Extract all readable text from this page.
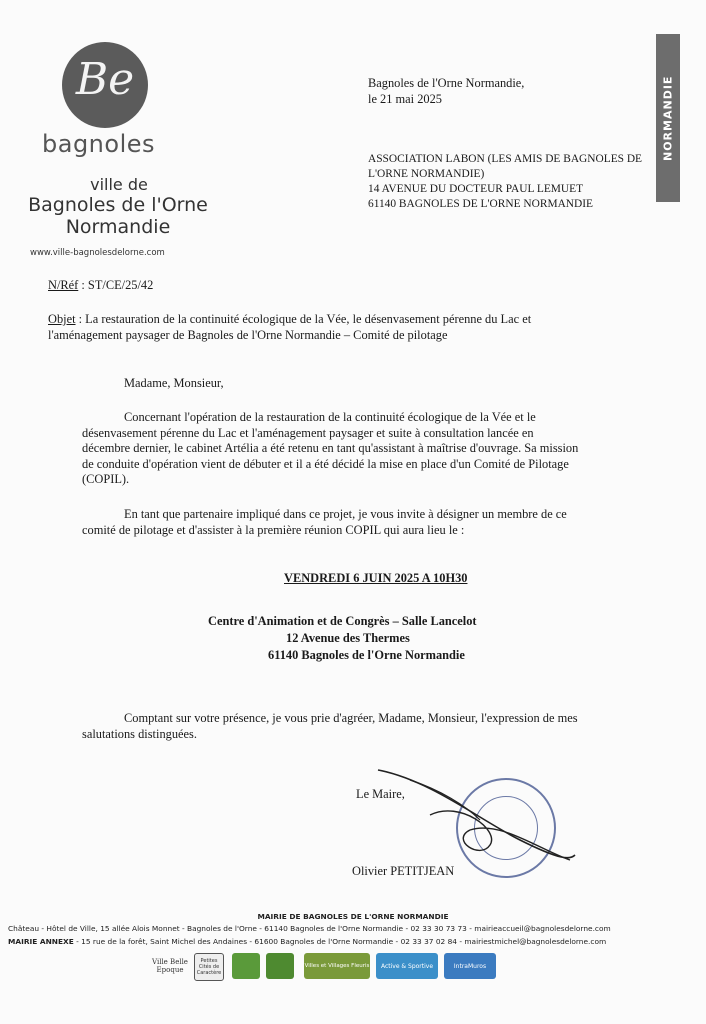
Be
bagnoles
ville de
Bagnoles de l'Orne
Normandie
www.ville-bagnolesdelorne.com
NORMANDIE
Bagnoles de l'Orne Normandie,
le 21 mai 2025
ASSOCIATION LABON (LES AMIS DE BAGNOLES DE
L'ORNE NORMANDIE)
14 AVENUE DU DOCTEUR PAUL LEMUET
61140 BAGNOLES DE L'ORNE NORMANDIE
N/Réf : ST/CE/25/42
Objet : La restauration de la continuité écologique de la Vée, le désenvasement pérenne du Lac et
l'aménagement paysager de Bagnoles de l'Orne Normandie – Comité de pilotage
Madame, Monsieur,
Concernant l'opération de la restauration de la continuité écologique de la Vée et le
désenvasement pérenne du Lac et l'aménagement paysager et suite à consultation lancée en
décembre dernier, le cabinet Artélia a été retenu en tant qu'assistant à maîtrise d'ouvrage. Sa mission
de conduite d'opération vient de débuter et il a été décidé la mise en place d'un Comité de Pilotage
(COPIL).
En tant que partenaire impliqué dans ce projet, je vous invite à désigner un membre de ce
comité de pilotage et d'assister à la première réunion COPIL qui aura lieu le :
VENDREDI 6 JUIN 2025 A 10H30
Centre d'Animation et de Congrès – Salle Lancelot
12 Avenue des Thermes
61140 Bagnoles de l'Orne Normandie
Comptant sur votre présence, je vous prie d'agréer, Madame, Monsieur, l'expression de mes
salutations distinguées.
Le Maire,
Olivier PETITJEAN
MAIRIE DE BAGNOLES DE L'ORNE NORMANDIE
Château - Hôtel de Ville, 15 allée Alois Monnet - Bagnoles de l'Orne - 61140 Bagnoles de l'Orne Normandie - 02 33 30 73 73 - mairieaccueil@bagnolesdelorne.com
MAIRIE ANNEXE - 15 rue de la forêt, Saint Michel des Andaines - 61600 Bagnoles de l'Orne Normandie - 02 33 37 02 84 - mairiestmichel@bagnolesdelorne.com
Ville Belle Epoque
Petites Cités de Caractère
Villes et Villages Fleuris	Active & Sportive	IntraMuros
